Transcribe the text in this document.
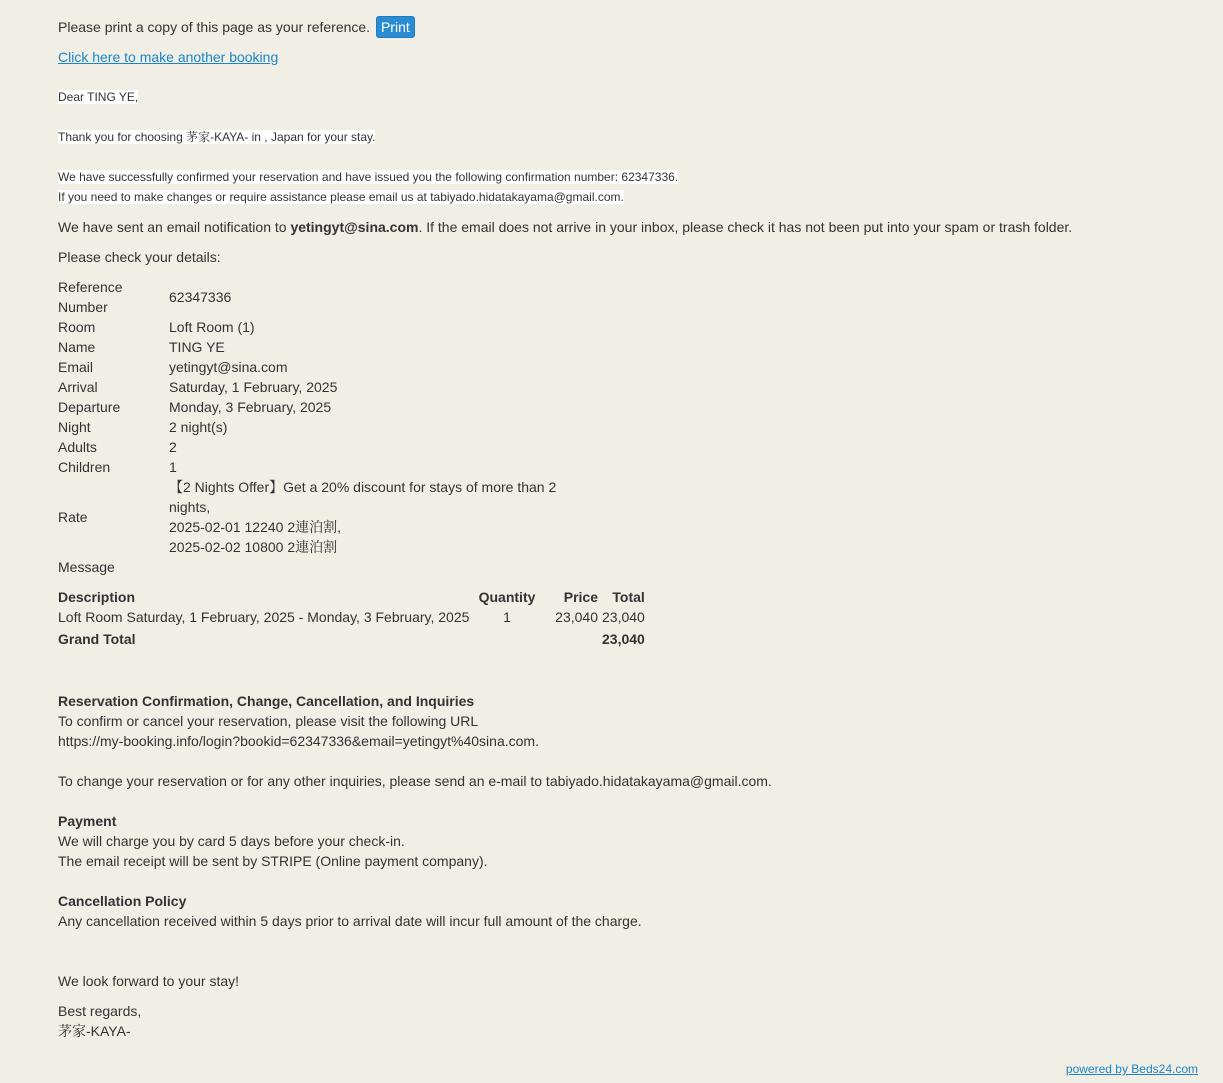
Please print a copy of this page as your reference. Print
Click here to make another booking
Dear TING YE,
Thank you for choosing 茅家-KAYA- in , Japan for your stay.
We have successfully confirmed your reservation and have issued you the following confirmation number: 62347336.
If you need to make changes or require assistance please email us at tabiyado.hidatakayama@gmail.com.
We have sent an email notification to yetingyt@sina.com. If the email does not arrive in your inbox, please check it has not been put into your spam or trash folder.
Please check your details:
Reference Number	62347336
Room	Loft Room (1)
Name	TING YE
Email	yetingyt@sina.com
Arrival	Saturday, 1 February, 2025
Departure	Monday, 3 February, 2025
Night	2 night(s)
Adults	2
Children	1
Rate	【2 Nights Offer】Get a 20% discount for stays of more than 2
nights,
2025-02-01 12240 2連泊割,
2025-02-02 10800 2連泊割

Message	
Description	Quantity	Price	Total
Loft Room Saturday, 1 February, 2025 - Monday, 3 February, 2025	1	23,040	23,040
Grand Total			23,040
Reservation Confirmation, Change, Cancellation, and Inquiries
To confirm or cancel your reservation, please visit the following URL
https://my-booking.info/login?bookid=62347336&email=yetingyt%40sina.com.

To change your reservation or for any other inquiries, please send an e-mail to tabiyado.hidatakayama@gmail.com.

Payment
We will charge you by card 5 days before your check-in.
The email receipt will be sent by STRIPE (Online payment company).

Cancellation Policy
Any cancellation received within 5 days prior to arrival date will incur full amount of the charge.
We look forward to your stay!
Best regards,
茅家-KAYA-
powered by Beds24.com
